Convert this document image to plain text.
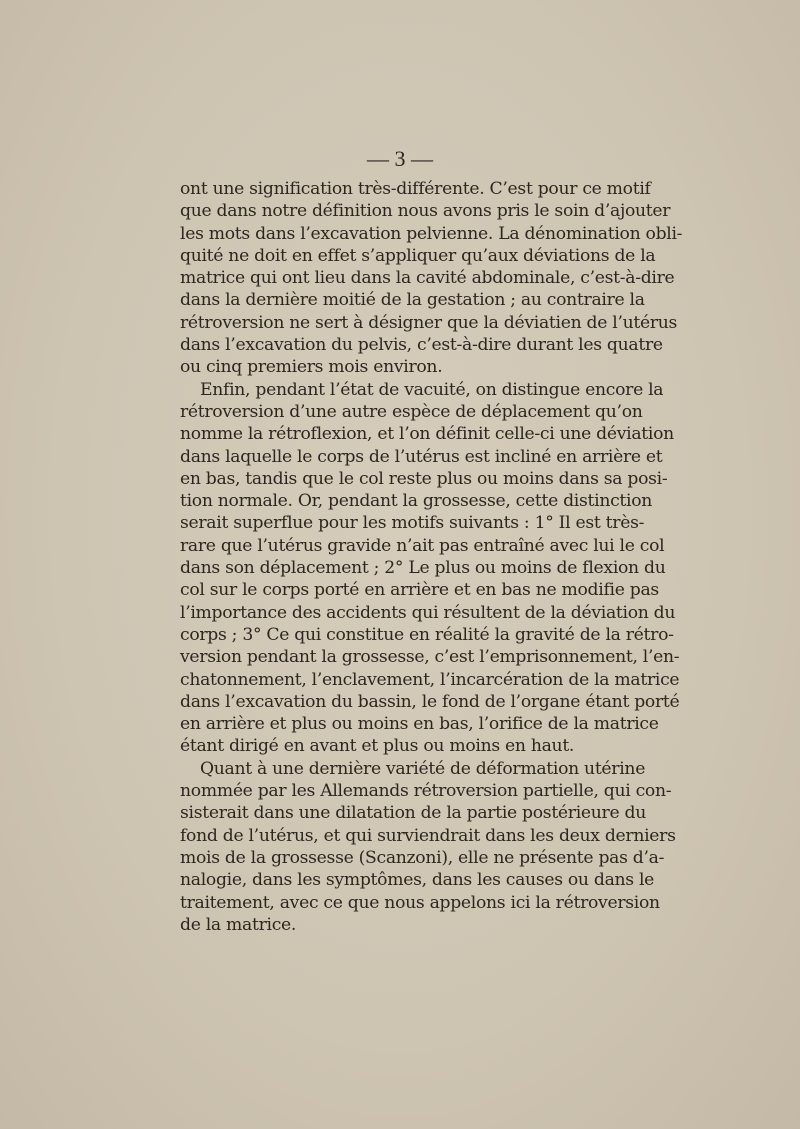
— 3 —
ont une signification très-différente. C’est pour ce motif
que dans notre définition nous avons pris le soin d’ajouter
les mots dans l’excavation pelvienne. La dénomination obli-
quité ne doit en effet s’appliquer qu’aux déviations de la
matrice qui ont lieu dans la cavité abdominale, c’est-à-dire
dans la dernière moitié de la gestation ; au contraire la
rétroversion ne sert à désigner que la déviatien de l’utérus
dans l’excavation du pelvis, c’est-à-dire durant les quatre
ou cinq premiers mois environ.
Enfin, pendant l’état de vacuité, on distingue encore la
rétroversion d’une autre espèce de déplacement qu’on
nomme la rétroflexion, et l’on définit celle-ci une déviation
dans laquelle le corps de l’utérus est incliné en arrière et
en bas, tandis que le col reste plus ou moins dans sa posi-
tion normale. Or, pendant la grossesse, cette distinction
serait superflue pour les motifs suivants : 1° Il est très-
rare que l’utérus gravide n’ait pas entraîné avec lui le col
dans son déplacement ; 2° Le plus ou moins de flexion du
col sur le corps porté en arrière et en bas ne modifie pas
l’importance des accidents qui résultent de la déviation du
corps ; 3° Ce qui constitue en réalité la gravité de la rétro-
version pendant la grossesse, c’est l’emprisonnement, l’en-
chatonnement, l’enclavement, l’incarcération de la matrice
dans l’excavation du bassin, le fond de l’organe étant porté
en arrière et plus ou moins en bas, l’orifice de la matrice
étant dirigé en avant et plus ou moins en haut.
Quant à une dernière variété de déformation utérine
nommée par les Allemands rétroversion partielle, qui con-
sisterait dans une dilatation de la partie postérieure du
fond de l’utérus, et qui surviendrait dans les deux derniers
mois de la grossesse (Scanzoni), elle ne présente pas d’a-
nalogie, dans les symptômes, dans les causes ou dans le
traitement, avec ce que nous appelons ici la rétroversion
de la matrice.
